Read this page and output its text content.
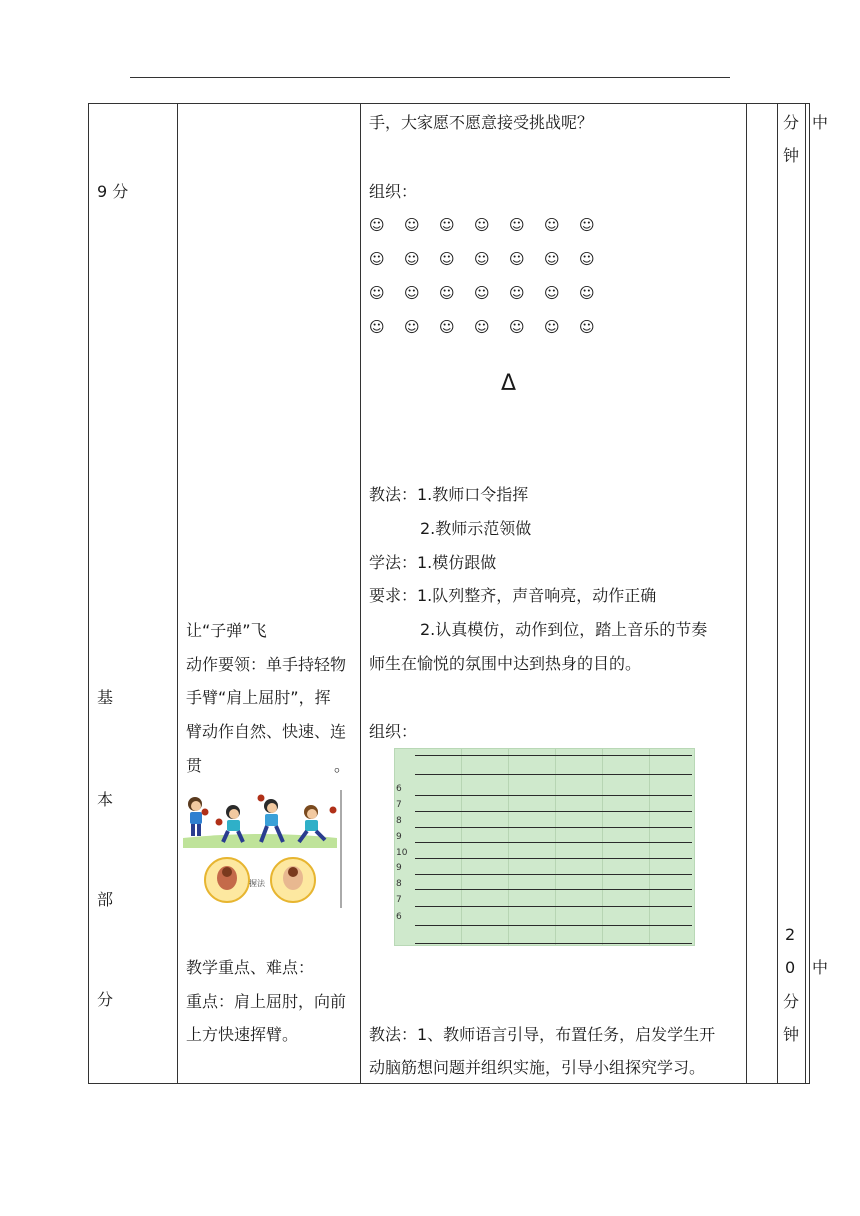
9 分
基
本
部
分
让“子弹”飞
动作要领：单手持轻物
手臂“肩上屈肘”，挥
臂动作自然、快速、连
贯	。
握法
教学重点、难点：
重点：肩上屈肘，向前
上方快速挥臂。
手，大家愿不愿意接受挑战呢？
组织：
☺ ☺ ☺ ☺ ☺ ☺ ☺
☺ ☺ ☺ ☺ ☺ ☺ ☺
☺ ☺ ☺ ☺ ☺ ☺ ☺
☺ ☺ ☺ ☺ ☺ ☺ ☺
Δ
教法：1.教师口令指挥
2.教师示范领做
学法：1.模仿跟做
要求：1.队列整齐，声音响亮，动作正确
2.认真模仿，动作到位，踏上音乐的节奏
师生在愉悦的氛围中达到热身的目的。
组织：
6
7
8
9
10
9
8
7
6
教法：1、教师语言引导，布置任务，启发学生开
动脑筋想问题并组织实施，引导小组探究学习。
分
钟
2
0
分
钟
中
中
